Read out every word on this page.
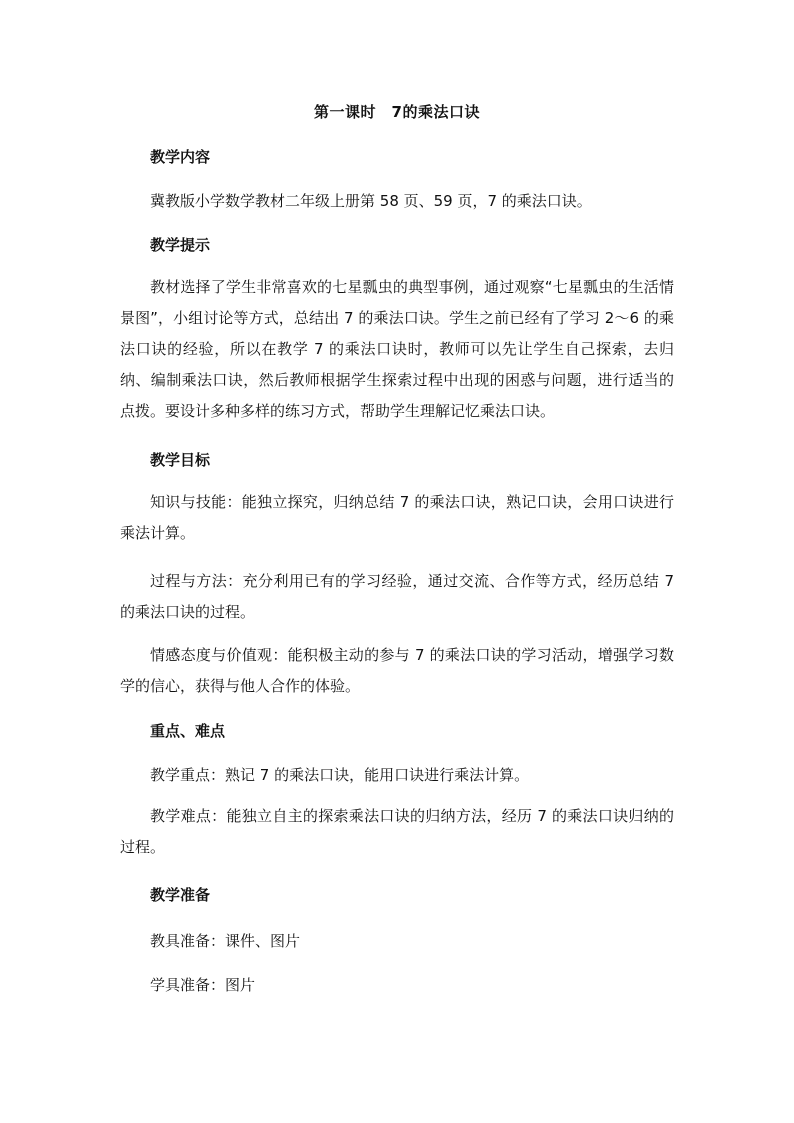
第一课时　7的乘法口诀
教学内容
冀教版小学数学教材二年级上册第 58 页、59 页，7 的乘法口诀。
教学提示

教材选择了学生非常喜欢的七星瓢虫的典型事例，通过观察“七星瓢虫的生活情景图”，小组讨论等方式，总结出 7 的乘法口诀。学生之前已经有了学习 2～6 的乘法口诀的经验，所以在教学 7 的乘法口诀时，教师可以先让学生自己探索，去归纳、编制乘法口诀，然后教师根据学生探索过程中出现的困惑与问题，进行适当的点拨。要设计多种多样的练习方式，帮助学生理解记忆乘法口诀。

教学目标

知识与技能：能独立探究，归纳总结 7 的乘法口诀，熟记口诀，会用口诀进行乘法计算。

过程与方法：充分利用已有的学习经验，通过交流、合作等方式，经历总结 7 的乘法口诀的过程。

情感态度与价值观：能积极主动的参与 7 的乘法口诀的学习活动，增强学习数学的信心，获得与他人合作的体验。

重点、难点
教学重点：熟记 7 的乘法口诀，能用口诀进行乘法计算。

教学难点：能独立自主的探索乘法口诀的归纳方法，经历 7 的乘法口诀归纳的过程。

教学准备
教具准备：课件、图片
学具准备：图片
